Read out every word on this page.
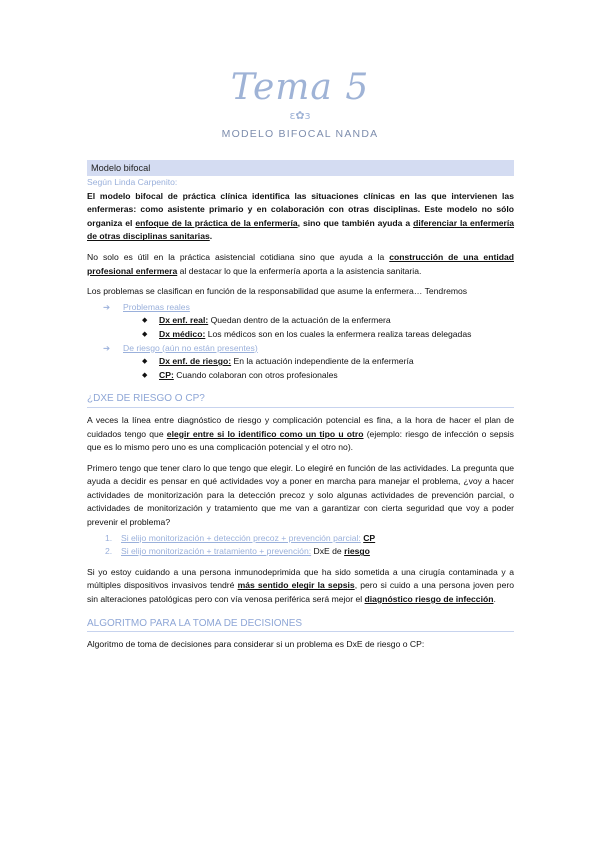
Tema 5
ɛ✿ɜ
MODELO BIFOCAL NANDA
Modelo bifocal
Según Linda Carpenito:

El modelo bifocal de práctica clínica identifica las situaciones clínicas en las que intervienen las enfermeras: como asistente primario y en colaboración con otras disciplinas. Este modelo no sólo organiza el enfoque de la práctica de la enfermería, sino que también ayuda a diferenciar la enfermería de otras disciplinas sanitarias.

No solo es útil en la práctica asistencial cotidiana sino que ayuda a la construcción de una entidad profesional enfermera al destacar lo que la enfermería aporta a la asistencia sanitaria.

Los problemas se clasifican en función de la responsabilidad que asume la enfermera… Tendremos

➔ Problemas reales
◆ Dx enf. real: Quedan dentro de la actuación de la enfermera
◆ Dx médico: Los médicos son en los cuales la enfermera realiza tareas delegadas
➔ De riesgo (aún no están presentes)
◆ Dx enf. de riesgo: En la actuación independiente de la enfermería
◆ CP: Cuando colaboran con otros profesionales
¿DXE DE RIESGO O CP?

A veces la línea entre diagnóstico de riesgo y complicación potencial es fina, a la hora de hacer el plan de cuidados tengo que elegir entre si lo identifico como un tipo u otro (ejemplo: riesgo de infección o sepsis que es lo mismo pero uno es una complicación potencial y el otro no).

Primero tengo que tener claro lo que tengo que elegir. Lo elegiré en función de las actividades. La pregunta que ayuda a decidir es pensar en qué actividades voy a poner en marcha para manejar el problema, ¿voy a hacer actividades de monitorización para la detección precoz y solo algunas actividades de prevención parcial, o actividades de monitorización y tratamiento que me van a garantizar con cierta seguridad que voy a poder prevenir el problema?

1. Si elijo monitorización + detección precoz + prevención parcial: CP
2. Si elijo monitorización + tratamiento + prevención: DxE de riesgo

Si yo estoy cuidando a una persona inmunodeprimida que ha sido sometida a una cirugía contaminada y a múltiples dispositivos invasivos tendré más sentido elegir la sepsis, pero si cuido a una persona joven pero sin alteraciones patológicas pero con vía venosa periférica será mejor el diagnóstico riesgo de infección.

ALGORITMO PARA LA TOMA DE DECISIONES

Algoritmo de toma de decisiones para considerar si un problema es DxE de riesgo o CP:
